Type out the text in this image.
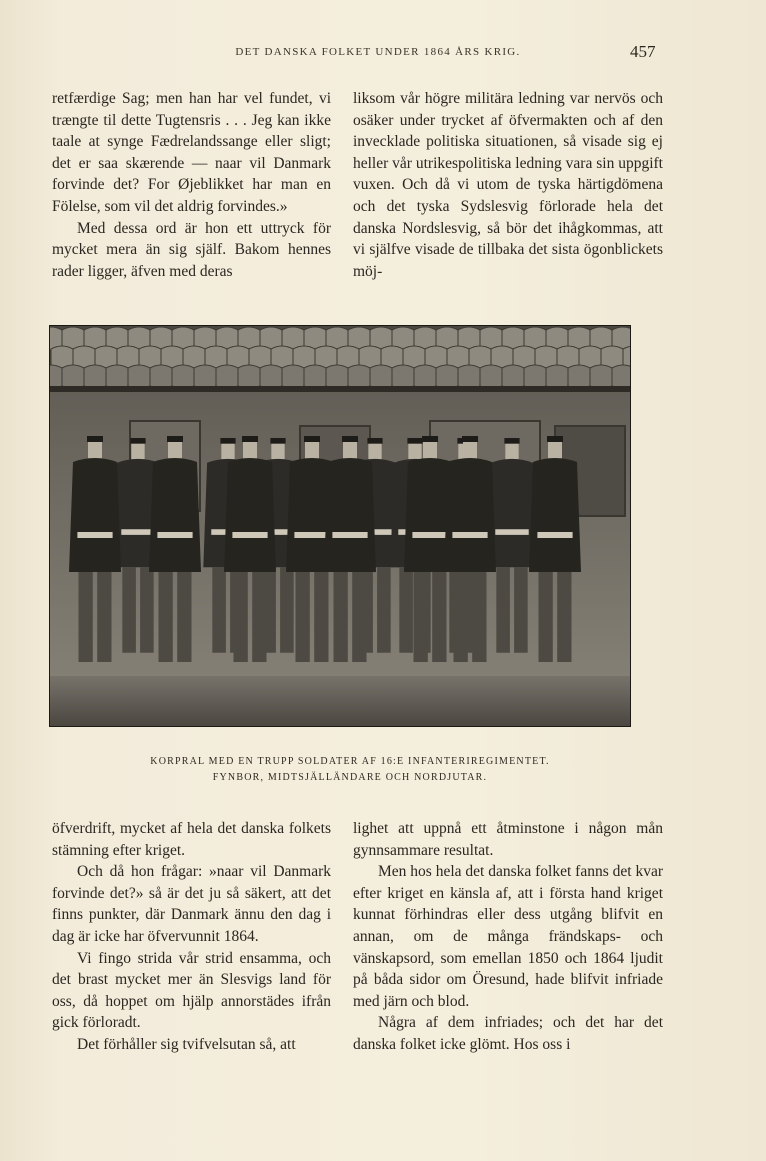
DET DANSKA FOLKET UNDER 1864 ÅRS KRIG.	457

retfærdige Sag; men han har vel fundet, vi trængte til dette Tugtensris . . . Jeg kan ikke taale at synge Fædrelandssange eller sligt; det er saa skærende — naar vil Danmark forvinde det? For Øjeblikket har man en Fölelse, som vil det aldrig forvindes.»

Med dessa ord är hon ett uttryck för mycket mera än sig själf. Bakom hennes rader ligger, äfven med deras

liksom vår högre militära ledning var nervös och osäker under trycket af öfvermakten och af den invecklade politiska situationen, så visade sig ej heller vår utrikespolitiska ledning vara sin uppgift vuxen. Och då vi utom de tyska härtigdömena och det tyska Sydslesvig förlorade hela det danska Nordslesvig, så bör det ihågkommas, att vi själfve visade de tillbaka det sista ögonblickets möj-

KORPRAL MED EN TRUPP SOLDATER AF 16:E INFANTERIREGIMENTET.
FYNBOR, MIDTSJÄLLÄNDARE OCH NORDJUTAR.

öfverdrift, mycket af hela det danska folkets stämning efter kriget.

Och då hon frågar: »naar vil Danmark forvinde det?» så är det ju så säkert, att det finns punkter, där Danmark ännu den dag i dag är icke har öfvervunnit 1864.

Vi fingo strida vår strid ensamma, och det brast mycket mer än Slesvigs land för oss, då hoppet om hjälp annorstädes ifrån gick förloradt.

Det förhåller sig tvifvelsutan så, att

lighet att uppnå ett åtminstone i någon mån gynnsammare resultat.

Men hos hela det danska folket fanns det kvar efter kriget en känsla af, att i första hand kriget kunnat förhindras eller dess utgång blifvit en annan, om de många frändskaps- och vänskapsord, som emellan 1850 och 1864 ljudit på båda sidor om Öresund, hade blifvit infriade med järn och blod.

Några af dem infriades; och det har det danska folket icke glömt. Hos oss i
